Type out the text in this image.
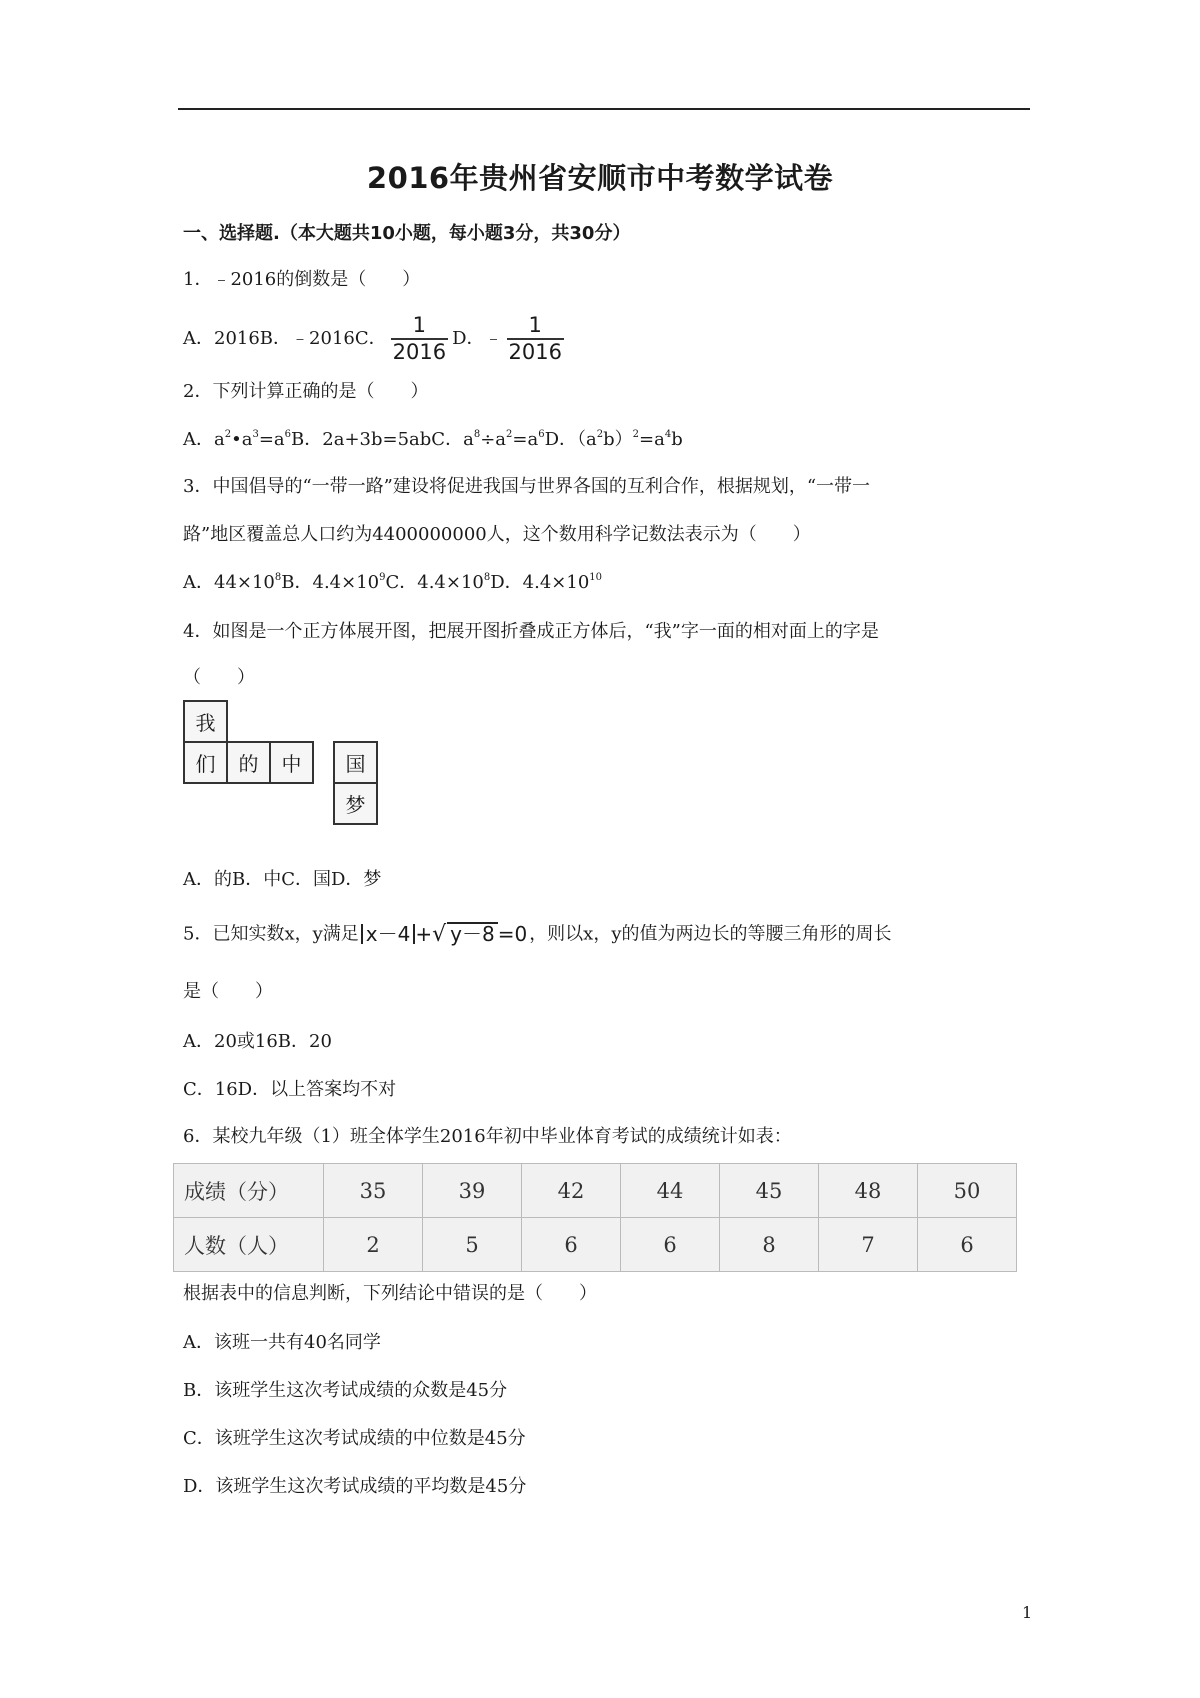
2016年贵州省安顺市中考数学试卷
一、选择题.（本大题共10小题，每小题3分，共30分）
1．﹣2016的倒数是（　　）
A．2016B．﹣2016C． $\frac{1}{2016}$ D．﹣ $\frac{1}{2016}$
2．下列计算正确的是（　　）
A．$a^2•a^3=a^6B$．2a+3b=5abC．$a^8\div a^2=a^6D$．$(a^2b)^2=a^4b$
3．中国倡导的“一带一路”建设将促进我国与世界各国的互利合作，根据规划，“一带一
路”地区覆盖总人口约为4400000000人，这个数用科学记数法表示为（　　）
A．$44\times 10^8B$．$4.4\times 10^9C$．$4.4\times 10^8D$．$4.4\times 10^{10}$
4．如图是一个正方体展开图，把展开图折叠成正方体后，“我”字一面的相对面上的字是
（　　）
我
们	的	中	国
梦
A．的B．中C．国D．梦
5．已知实数x，y满足 x－4 +√ y－8 =0 ，则以x，y的值为两边长的等腰三角形的周长
是（　　）
A．20或16B．20
C．16D．以上答案均不对
6．某校九年级（1）班全体学生2016年初中毕业体育考试的成绩统计如表：
成绩（分）	35	39	42	44	45	48	50
人数（人）	2	5	6	6	8	7	6
根据表中的信息判断，下列结论中错误的是（　　）
A．该班一共有40名同学
B．该班学生这次考试成绩的众数是45分
C．该班学生这次考试成绩的中位数是45分
D．该班学生这次考试成绩的平均数是45分
1
